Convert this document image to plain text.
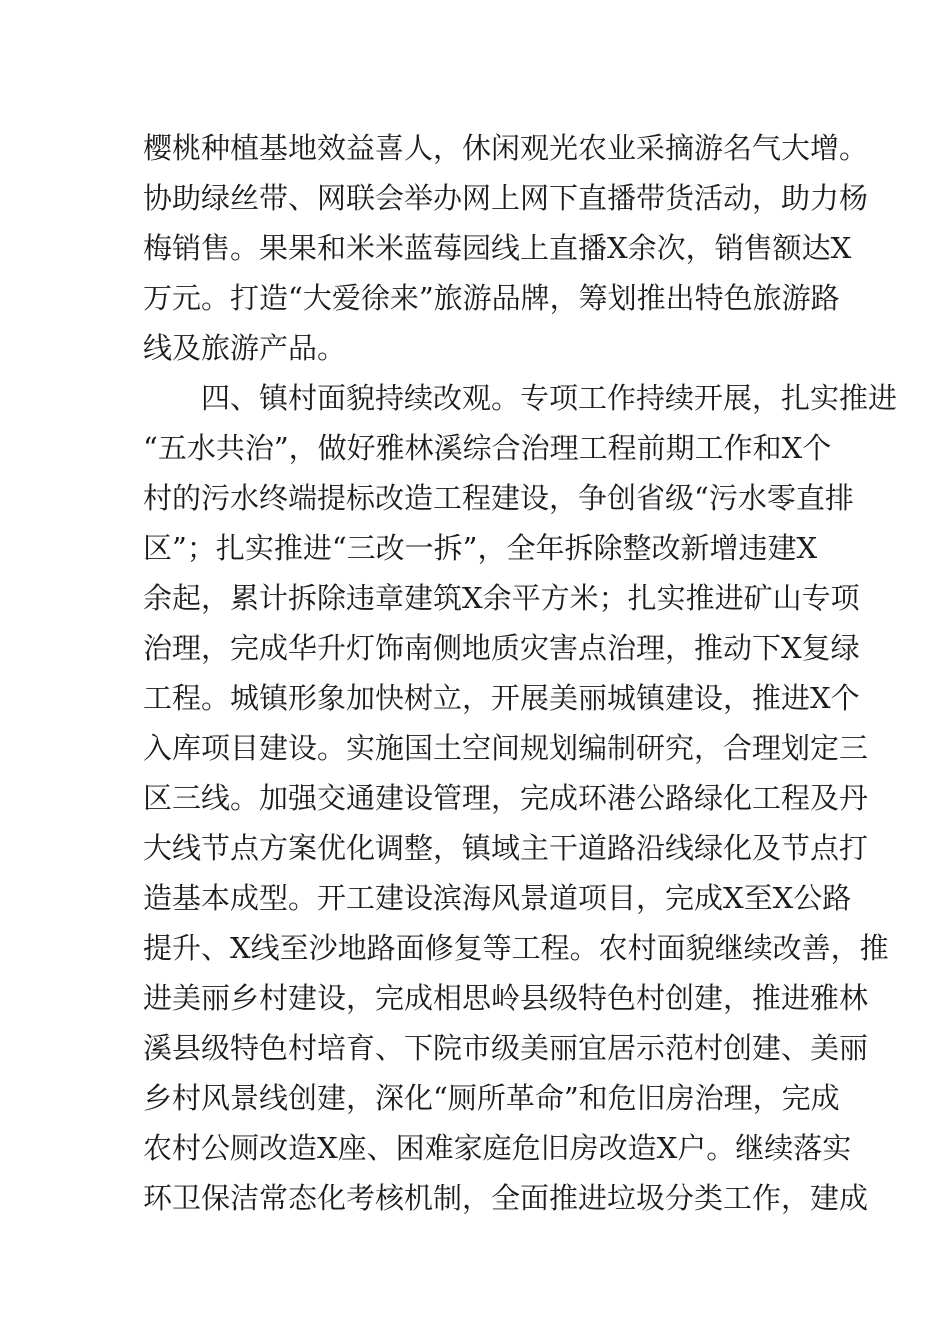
樱桃种植基地效益喜人，休闲观光农业采摘游名气大增。
协助绿丝带、网联会举办网上网下直播带货活动，助力杨
梅销售。果果和米米蓝莓园线上直播X余次，销售额达X
万元。打造“大爱徐来”旅游品牌，筹划推出特色旅游路
线及旅游产品。
　　四、镇村面貌持续改观。专项工作持续开展，扎实推进
“五水共治”，做好雅林溪综合治理工程前期工作和X个
村的污水终端提标改造工程建设，争创省级“污水零直排
区”；扎实推进“三改一拆”，全年拆除整改新增违建X
余起，累计拆除违章建筑X余平方米；扎实推进矿山专项
治理，完成华升灯饰南侧地质灾害点治理，推动下X复绿
工程。城镇形象加快树立，开展美丽城镇建设，推进X个
入库项目建设。实施国土空间规划编制研究，合理划定三
区三线。加强交通建设管理，完成环港公路绿化工程及丹
大线节点方案优化调整，镇域主干道路沿线绿化及节点打
造基本成型。开工建设滨海风景道项目，完成X至X公路
提升、X线至沙地路面修复等工程。农村面貌继续改善，推
进美丽乡村建设，完成相思岭县级特色村创建，推进雅林
溪县级特色村培育、下院市级美丽宜居示范村创建、美丽
乡村风景线创建，深化“厕所革命”和危旧房治理，完成
农村公厕改造X座、困难家庭危旧房改造X户。继续落实
环卫保洁常态化考核机制，全面推进垃圾分类工作，建成
